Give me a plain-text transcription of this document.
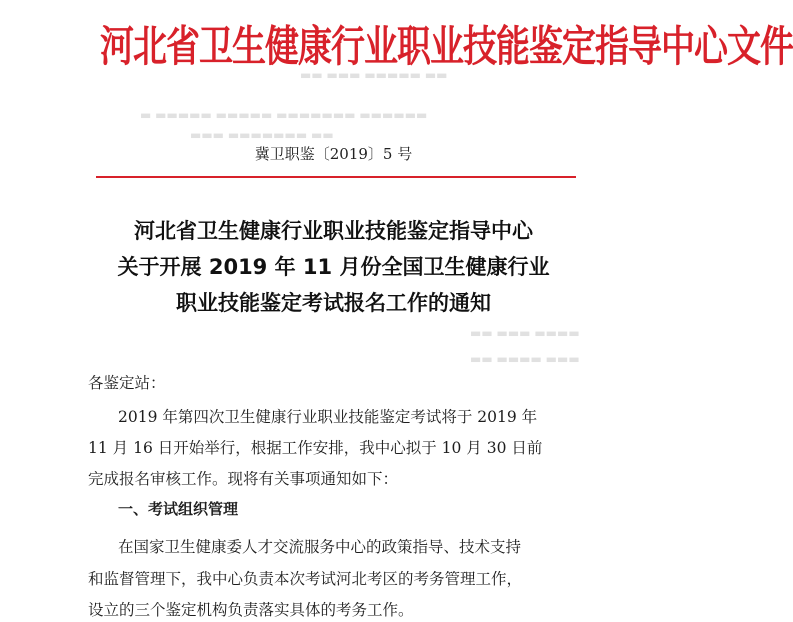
▬▬ ▬▬▬ ▬▬▬▬▬ ▬▬
▬ ▬▬▬▬▬ ▬▬▬▬▬ ▬▬▬▬▬▬▬ ▬▬▬▬▬▬
▬▬▬ ▬▬▬▬▬▬▬ ▬▬
▬▬ ▬▬▬ ▬▬▬▬
▬▬ ▬▬▬▬ ▬▬▬
河北省卫生健康行业职业技能鉴定指导中心文件
冀卫职鉴〔2019〕5 号
河北省卫生健康行业职业技能鉴定指导中心
关于开展 2019 年 11 月份全国卫生健康行业
职业技能鉴定考试报名工作的通知
各鉴定站：
2019 年第四次卫生健康行业职业技能鉴定考试将于 2019 年
11 月 16 日开始举行，根据工作安排，我中心拟于 10 月 30 日前
完成报名审核工作。现将有关事项通知如下：
一、考试组织管理
在国家卫生健康委人才交流服务中心的政策指导、技术支持
和监督管理下，我中心负责本次考试河北考区的考务管理工作，
设立的三个鉴定机构负责落实具体的考务工作。
